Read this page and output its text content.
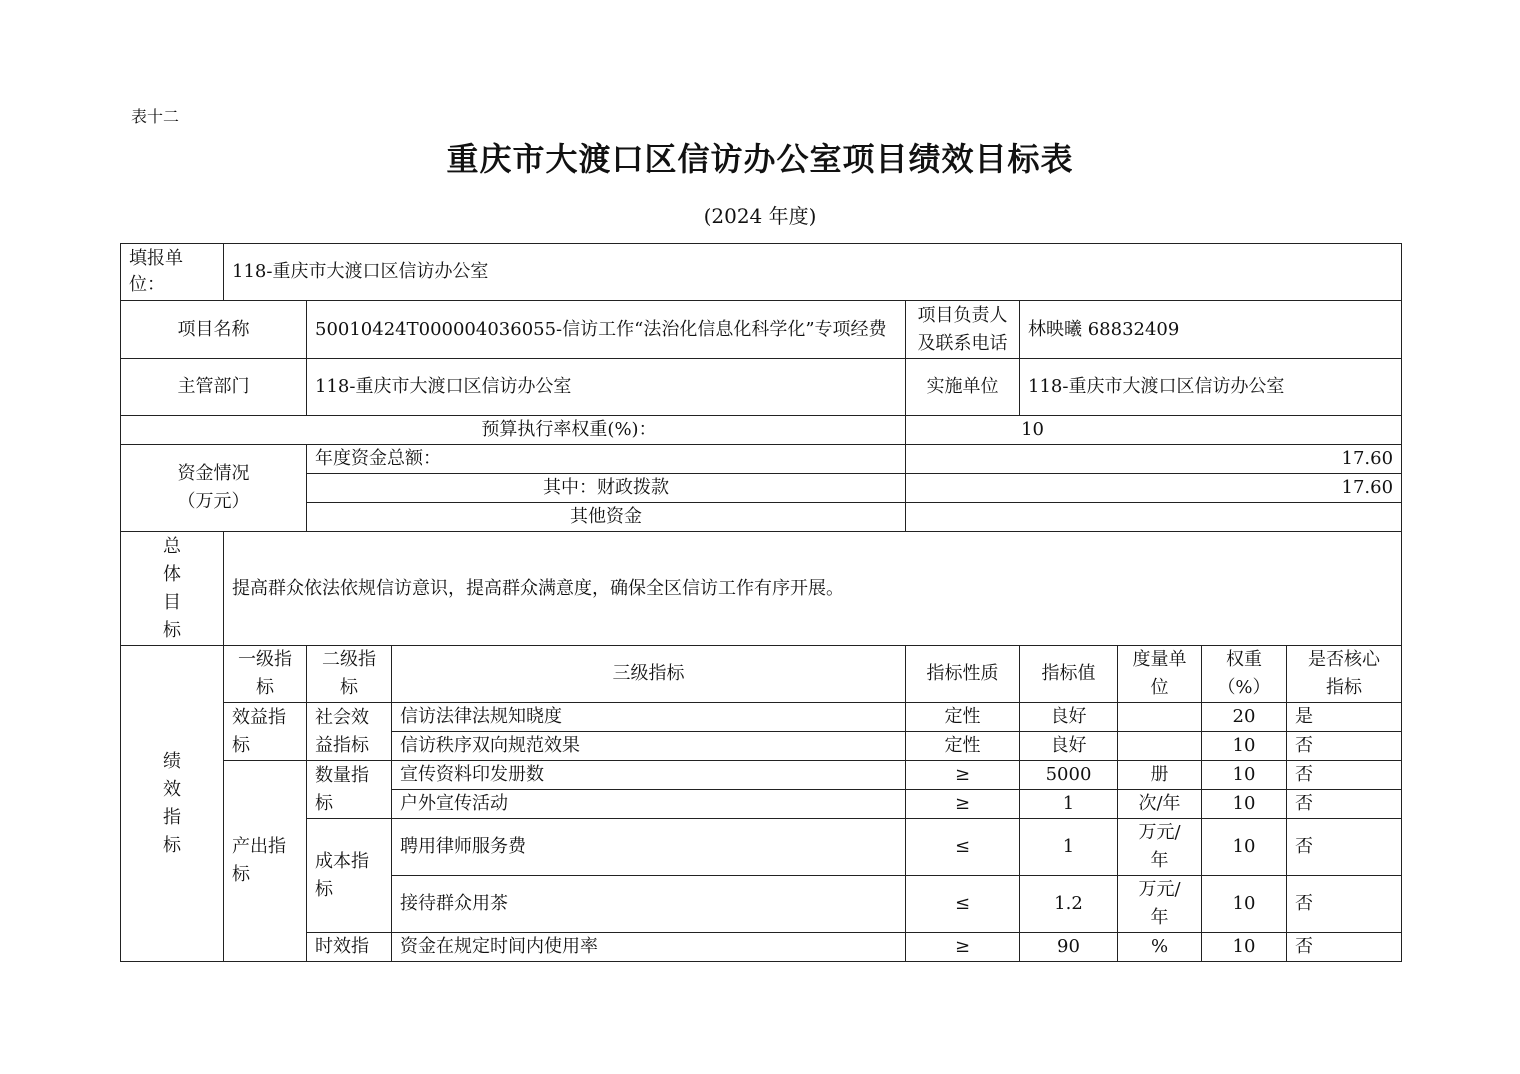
表十二
重庆市大渡口区信访办公室项目绩效目标表
(2024 年度)
填报单位：	118-重庆市大渡口区信访办公室							
项目名称		50010424T000004036055-信访工作“法治化信息化科学化”专项经费		项目负责人及联系电话	林映曦 68832409			
主管部门		118-重庆市大渡口区信访办公室		实施单位	118-重庆市大渡口区信访办公室			
预算执行率权重(%)：				10				

资金情况
（万元）		年度资金总额：		17.60				
		其中：财政拨款		17.60				
		其他资金						

总
体
目
标	提高群众依法依规信访意识，提高群众满意度，确保全区信访工作有序开展。							

绩
效
指
标	一级指标	二级指标	三级指标	指标性质	指标值	度量单位	权重（%）	是否核心指标
	效益指标	社会效益指标	信访法律法规知晓度	定性	良好		20	是
			信访秩序双向规范效果	定性	良好		10	否
	产出指标	数量指标	宣传资料印发册数	≥	5000	册	10	否
			户外宣传活动	≥	1	次/年	10	否
		成本指标	聘用律师服务费	≤	1	万元/年	10	否
			接待群众用茶	≤	1.2	万元/年	10	否
		时效指	资金在规定时间内使用率	≥	90	%	10	否
